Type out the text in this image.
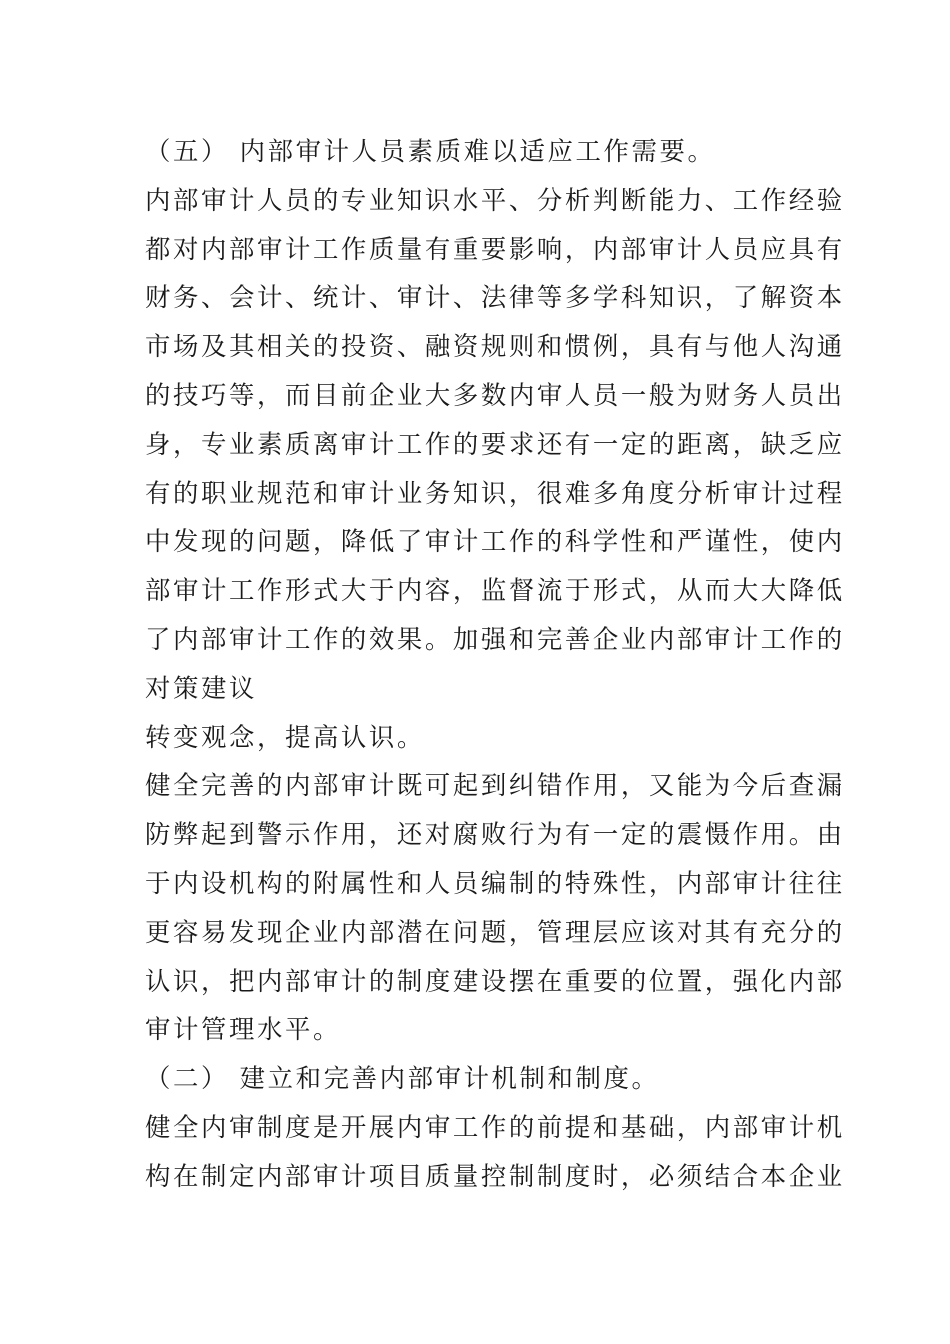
（五） 内部审计人员素质难以适应工作需要。
内部审计人员的专业知识水平、分析判断能力、工作经验
都对内部审计工作质量有重要影响，内部审计人员应具有
财务、会计、统计、审计、法律等多学科知识，了解资本
市场及其相关的投资、融资规则和惯例，具有与他人沟通
的技巧等，而目前企业大多数内审人员一般为财务人员出
身，专业素质离审计工作的要求还有一定的距离，缺乏应
有的职业规范和审计业务知识，很难多角度分析审计过程
中发现的问题，降低了审计工作的科学性和严谨性，使内
部审计工作形式大于内容，监督流于形式，从而大大降低
了内部审计工作的效果。加强和完善企业内部审计工作的
对策建议
转变观念，提高认识。
健全完善的内部审计既可起到纠错作用，又能为今后查漏
防弊起到警示作用，还对腐败行为有一定的震慑作用。由
于内设机构的附属性和人员编制的特殊性，内部审计往往
更容易发现企业内部潜在问题，管理层应该对其有充分的
认识，把内部审计的制度建设摆在重要的位置，强化内部
审计管理水平。
（二） 建立和完善内部审计机制和制度。
健全内审制度是开展内审工作的前提和基础，内部审计机
构在制定内部审计项目质量控制制度时，必须结合本企业
